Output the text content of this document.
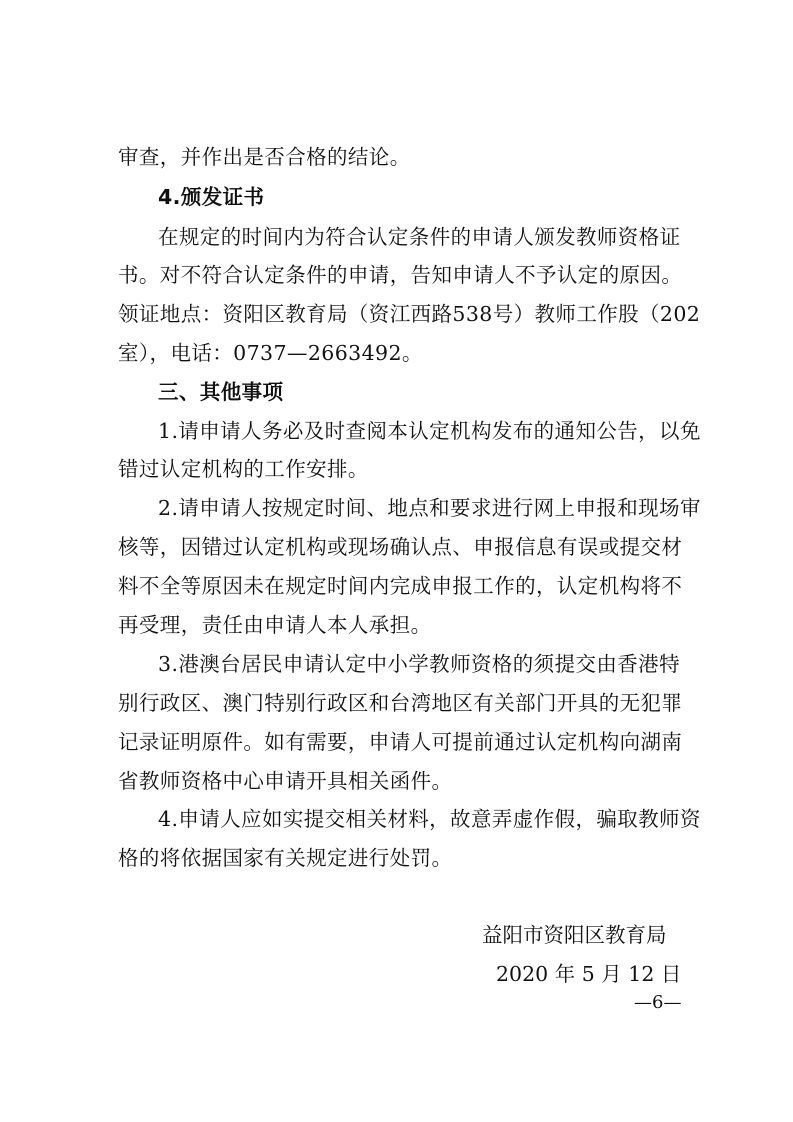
审查，并作出是否合格的结论。
4.颁发证书
在规定的时间内为符合认定条件的申请人颁发教师资格证
书。对不符合认定条件的申请，告知申请人不予认定的原因。
领证地点：资阳区教育局（资江西路538号）教师工作股（202
室），电话：0737—2663492。
三、其他事项
1.请申请人务必及时查阅本认定机构发布的通知公告，以免
错过认定机构的工作安排。
2.请申请人按规定时间、地点和要求进行网上申报和现场审
核等，因错过认定机构或现场确认点、申报信息有误或提交材
料不全等原因未在规定时间内完成申报工作的，认定机构将不
再受理，责任由申请人本人承担。
3.港澳台居民申请认定中小学教师资格的须提交由香港特
别行政区、澳门特别行政区和台湾地区有关部门开具的无犯罪
记录证明原件。如有需要，申请人可提前通过认定机构向湖南
省教师资格中心申请开具相关函件。
4.申请人应如实提交相关材料，故意弄虚作假，骗取教师资
格的将依据国家有关规定进行处罚。
益阳市资阳区教育局
2020 年 5 月 12 日
—6—
